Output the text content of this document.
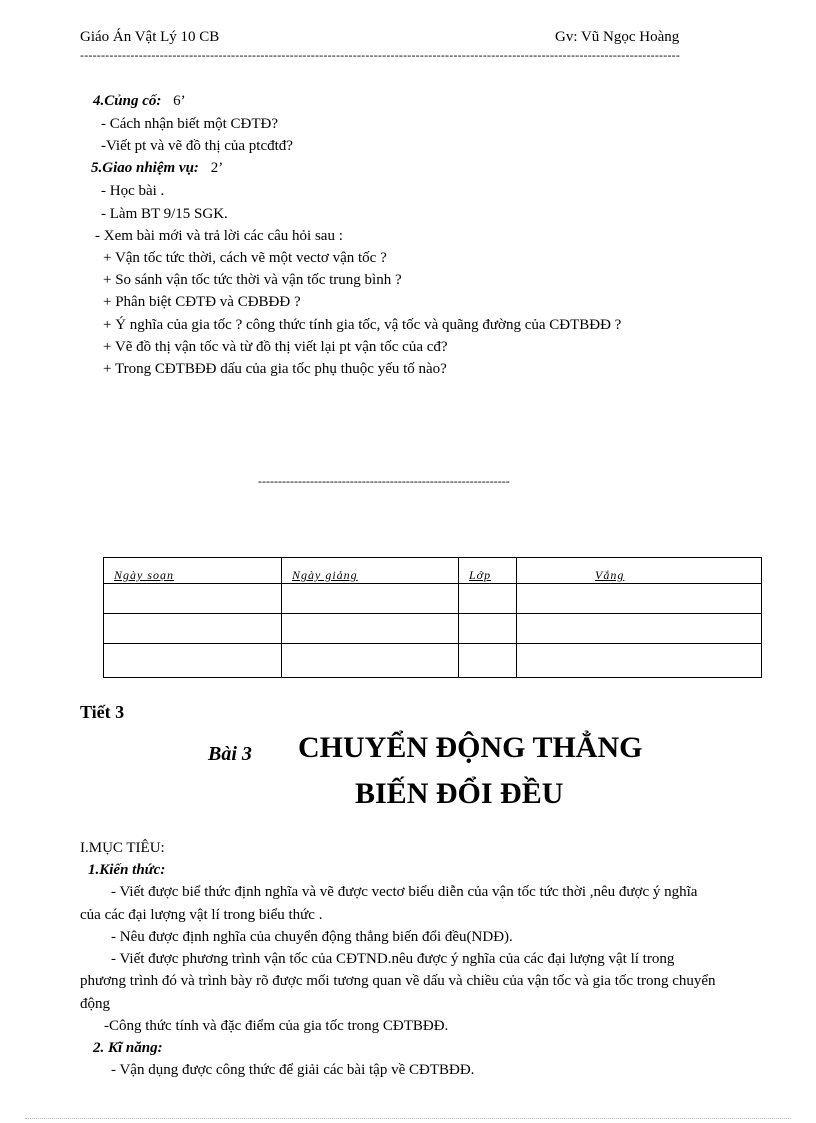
Giáo Án Vật Lý 10 CB	Gv: Vũ Ngọc Hoàng
-----------------------------------------------------------------------------------------------------------------------------------------------
4.Củng cố: 6’
- Cách nhận biết một CĐTĐ?
-Viết pt và vẽ đồ thị của ptcđtđ?
5.Giao nhiệm vụ: 2’
- Học bài .
- Làm BT 9/15 SGK.
- Xem bài mới và trả lời các câu hỏi sau :
+ Vận tốc tức thời, cách vẽ một vectơ vận tốc ?
+ So sánh vận tốc tức thời và vận tốc trung bình ?
+ Phân biệt CĐTĐ và CĐBĐĐ ?
+ Ý nghĩa của gia tốc ? công thức tính gia tốc, vậ tốc và quãng đường của CĐTBĐĐ ?
+ Vẽ đồ thị vận tốc và từ đồ thị viết lại pt vận tốc của cđ?
+ Trong CĐTBĐĐ dấu của gia tốc phụ thuộc yếu tố nào?
---------------------------------------------------------------
Ngày soạn	Ngày giảng	Lớp	Vắng

Tiết 3
Bài 3 CHUYỂN ĐỘNG THẲNG
BIẾN ĐỔI ĐỀU
I.MỤC TIÊU:
1.Kiến thức:
- Viết được biể thức định nghĩa và vẽ được vectơ biểu diễn của vận tốc tức thời ,nêu được ý nghĩa
của các đại lượng vật lí trong biểu thức .
- Nêu được định nghĩa của chuyển động thẳng biến đổi đều(NDĐ).
- Viết được phương trình vận tốc của CĐTND.nêu được ý nghĩa của các đại lượng vật lí trong
phương trình đó và trình bày rõ được mối tương quan về dấu và chiều của vận tốc và gia tốc trong chuyển
động
-Công thức tính và đặc điểm của gia tốc trong CĐTBĐĐ.
2. Kĩ năng:
- Vận dụng được công thức để giải các bài tập về CĐTBĐĐ.
